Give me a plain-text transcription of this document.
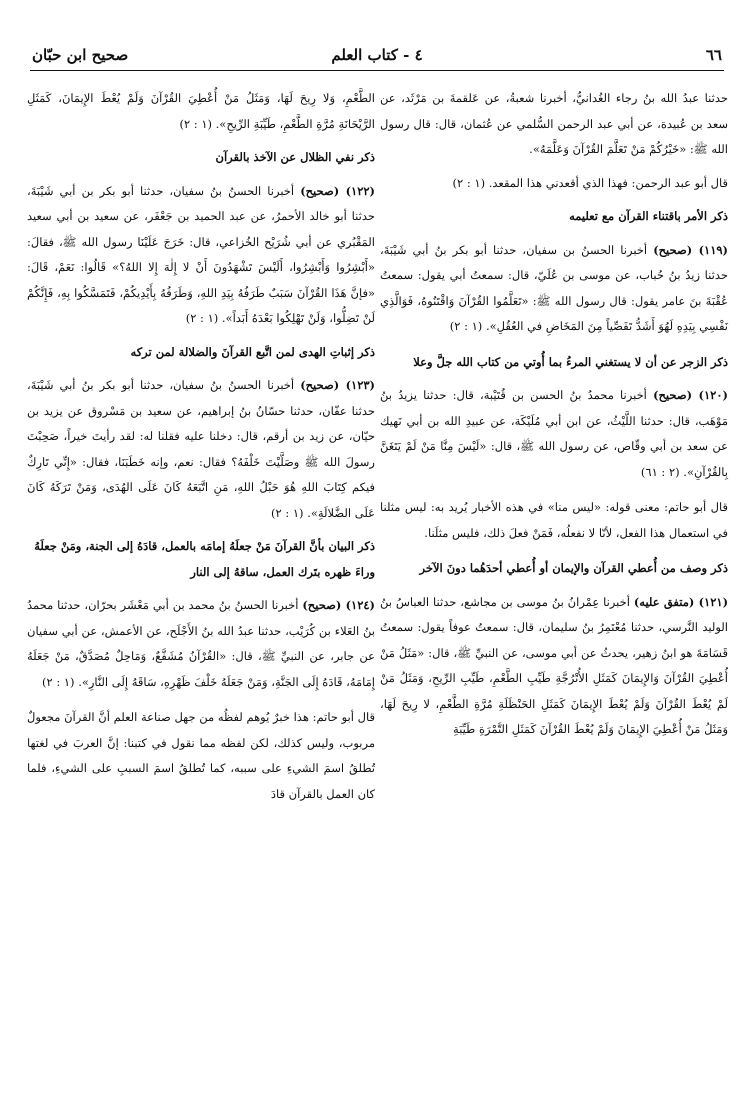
٦٦
٤ - كتاب العلم
صحيح ابن حبّان

حدثنا عبدُ الله بنُ رجاء الغُدانيُّ، أخبرنا شعبةُ، عن عَلقمةَ بن مَرْثَد، عن سعد بن عُبيدة، عن أبي عبد الرحمن السُّلمي عن عُثمان، قال: قال رسول الله ﷺ: «خَيْرُكُمْ مَنْ تَعَلَّمَ القُرْآنَ وَعَلَّمَهُ».

قال أبو عبد الرحمن: فهذا الذي أقعدني هذا المقعد. (١ : ٢)

ذكر الأمر باقتناء القرآن مع تعليمه

(١١٩) (صحيح) أخبرنا الحسنُ بن سفيان، حدثنا أبو بكر بنُ أبي شَيْبَةَ، حدثنا زيدُ بنُ حُباب، عن موسى بن عُلَيّ، قال: سمعتُ أبي يقول: سمعتُ عُقْبَةَ بنَ عامر يقول: قال رسول الله ﷺ: «تَعَلَّمُوا القُرْآنَ وَاقْتَنُوهُ، فَوَالَّذِي نَفْسِي بِيَدِهِ لَهُوَ أَشَدُّ تَفَصِّياً مِنَ المَخَاضِ في العُقُلِ». (١ : ٢)

ذكر الزجر عن أن لا يستغني المرءُ بما أُوتي من كتاب الله جلَّ وعلا

(١٢٠) (صحيح) أخبرنا محمدُ بنُ الحسن بن قُتَيْبة، قال: حدثنا يزيدُ بنُ مَوْهَب، قال: حدثنا اللَّيْثُ، عن ابن أبي مُلَيْكَة، عن عبيدِ الله بن أبي نَهيك عن سعد بن أبي وقّاص، عن رسول الله ﷺ، قال: «لَيْسَ مِنَّا مَنْ لَمْ يَتَغَنَّ بِالقُرْآنِ». (٢ : ٦١)

قال أبو حاتم: معنى قوله: «ليس منا» في هذه الأخبار يُريد به: ليس مثلنا في استعمال هذا الفعل، لأنّا لا نفعلُه، فَمَنْ فعلَ ذلك، فليس مثلَنا.

ذكر وصف من أُعطي القرآن والإيمان أو أُعطي أحدَهُما دونَ الآخر

(١٢١) (متفق عليه) أخبرنا عِمْرانُ بنُ موسى بن مجاشع، حدثنا العباسُ بنُ الوليد النَّرسي، حدثنا مُعْتَمِرُ بنُ سليمان، قال: سمعتُ عوفاً يقول: سمعتُ قَسَامَةَ هو ابنُ زهير، يحدثُ عن أبي موسى، عن النبيِّ ﷺ، قال: «مَثَلُ مَنْ أُعْطِيَ القُرْآنَ وَالإِيمَانَ كَمَثَلِ الأُتْرُجَّةِ طَيِّبِ الطَّعْمِ، طَيِّبِ الرِّيحِ، وَمَثَلُ مَنْ لَمْ يُعْطَ القُرْآنَ وَلَمْ يُعْطَ الإِيمَانَ كَمَثَلِ الحَنْظَلَةِ مُرَّةِ الطَّعْمِ، لا رِيحَ لَهَا، وَمَثَلُ مَنْ أُعْطِيَ الإِيمَانَ وَلَمْ يُعْطَ القُرْآنَ كَمَثَلِ التَّمْرَةِ طَيِّبَةِ

الطَّعْمِ، وَلا رِيحَ لَهَا، وَمَثَلُ مَنْ أُعْطِيَ القُرْآنَ وَلَمْ يُعْطَ الإِيمَانَ، كَمَثَلِ الرَّيْحَانَةِ مُرَّةِ الطَّعْمِ، طَيِّبَةِ الرِّيحِ». (١ : ٢)

ذكر نفي الظلال عن الآخذ بالقرآن

(١٢٢) (صحيح) أخبرنا الحسنُ بنُ سفيان، حدثنا أبو بكر بن أبي شَيْبَةَ، حدثنا أبو خالد الأحمرُ، عن عبد الحميد بن جَعْفَر، عن سعيد بن أبي سعيد المَقْبُري عن أبي شُرَيْح الخُزاعي، قال: خَرَجَ عَلَيْنَا رسول الله ﷺ، فقالَ: «أَبْشِرُوا وَأَبْشِرُوا، أَلَيْسَ تَشْهَدُونَ أَنْ لا إِلٰهَ إِلا اللهُ؟» قَالُوا: نَعَمْ، قَالَ: «فإنَّ هَذَا القُرْآنَ سَبَبٌ طَرَفُهُ بِيَدِ اللهِ، وَطَرَفُهُ بِأَيْدِيكُمْ، فَتَمَسَّكُوا بِهِ، فَإِنَّكُمْ لَنْ تَضِلُّوا، وَلَنْ تَهْلِكُوا بَعْدَهُ أَبَداً». (١ : ٢)

ذكر إثباتِ الهدى لمن اتَّبع القرآنَ والضلالة لمن تركه

(١٢٣) (صحيح) أخبرنا الحسنُ بنُ سفيان، حدثنا أبو بكر بنُ أبي شَيْبَةَ، حدثنا عفّان، حدثنا حسّانُ بنُ إبراهيم، عن سعيد بن مَسْروق عن يزيد بن حيّان، عن زيد بن أرقم، قال: دخلنا عليه فقلنا له: لقد رأيتَ خيراً، صَحِبْتَ رسولَ الله ﷺ وصَلَّيْتَ خَلْفَهُ؟ فقال: نعم، وإنه خَطَبَنَا، فقال: «إِنِّي تَارِكٌ فيكم كِتَابَ اللهِ هُوَ حَبْلُ اللهِ، مَنِ اتَّبَعَهُ كَانَ عَلَى الهُدَى، وَمَنْ تَرَكَهُ كَانَ عَلَى الضَّلالَةِ». (١ : ٢)

ذكر البيان بأنَّ القرآنَ مَنْ جعلَهُ إمامَه بالعمل، قادَهُ إلى الجنة، ومَنْ جعلَهُ وراءَ ظهره بتَرك العمل، ساقهُ إلى النار

(١٢٤) (صحيح) أخبرنا الحسنُ بنُ محمد بن أبي مَعْشَر بحرّان، حدثنا محمدُ بنُ العَلاء بن كُرَيْب، حدثنا عبدُ الله بنُ الأَجْلَح، عن الأعمش، عن أبي سفيان عن جابر، عن النبيِّ ﷺ، قال: «القُرْآنُ مُشَفَّعٌ، وَمَاحِلٌ مُصَدَّقٌ، مَنْ جَعَلَهُ إِمَامَهُ، قَادَهُ إِلَى الجَنَّةِ، وَمَنْ جَعَلَهُ خَلْفَ ظَهْرِهِ، سَاقَهُ إِلَى النَّارِ». (١ : ٢)

قال أبو حاتم: هذا خبرٌ يُوهم لفظُه من جهل صناعة العلم أنَّ القرآنَ مجعولٌ مربوب، وليس كذلك، لكن لفظه مما نقول في كتبنا: إنَّ العربَ في لغتها تُطلقُ اسمَ الشيءِ على سببه، كما تُطلقُ اسمَ السببِ على الشيءِ، فلما كان العمل بالقرآن قادَ
